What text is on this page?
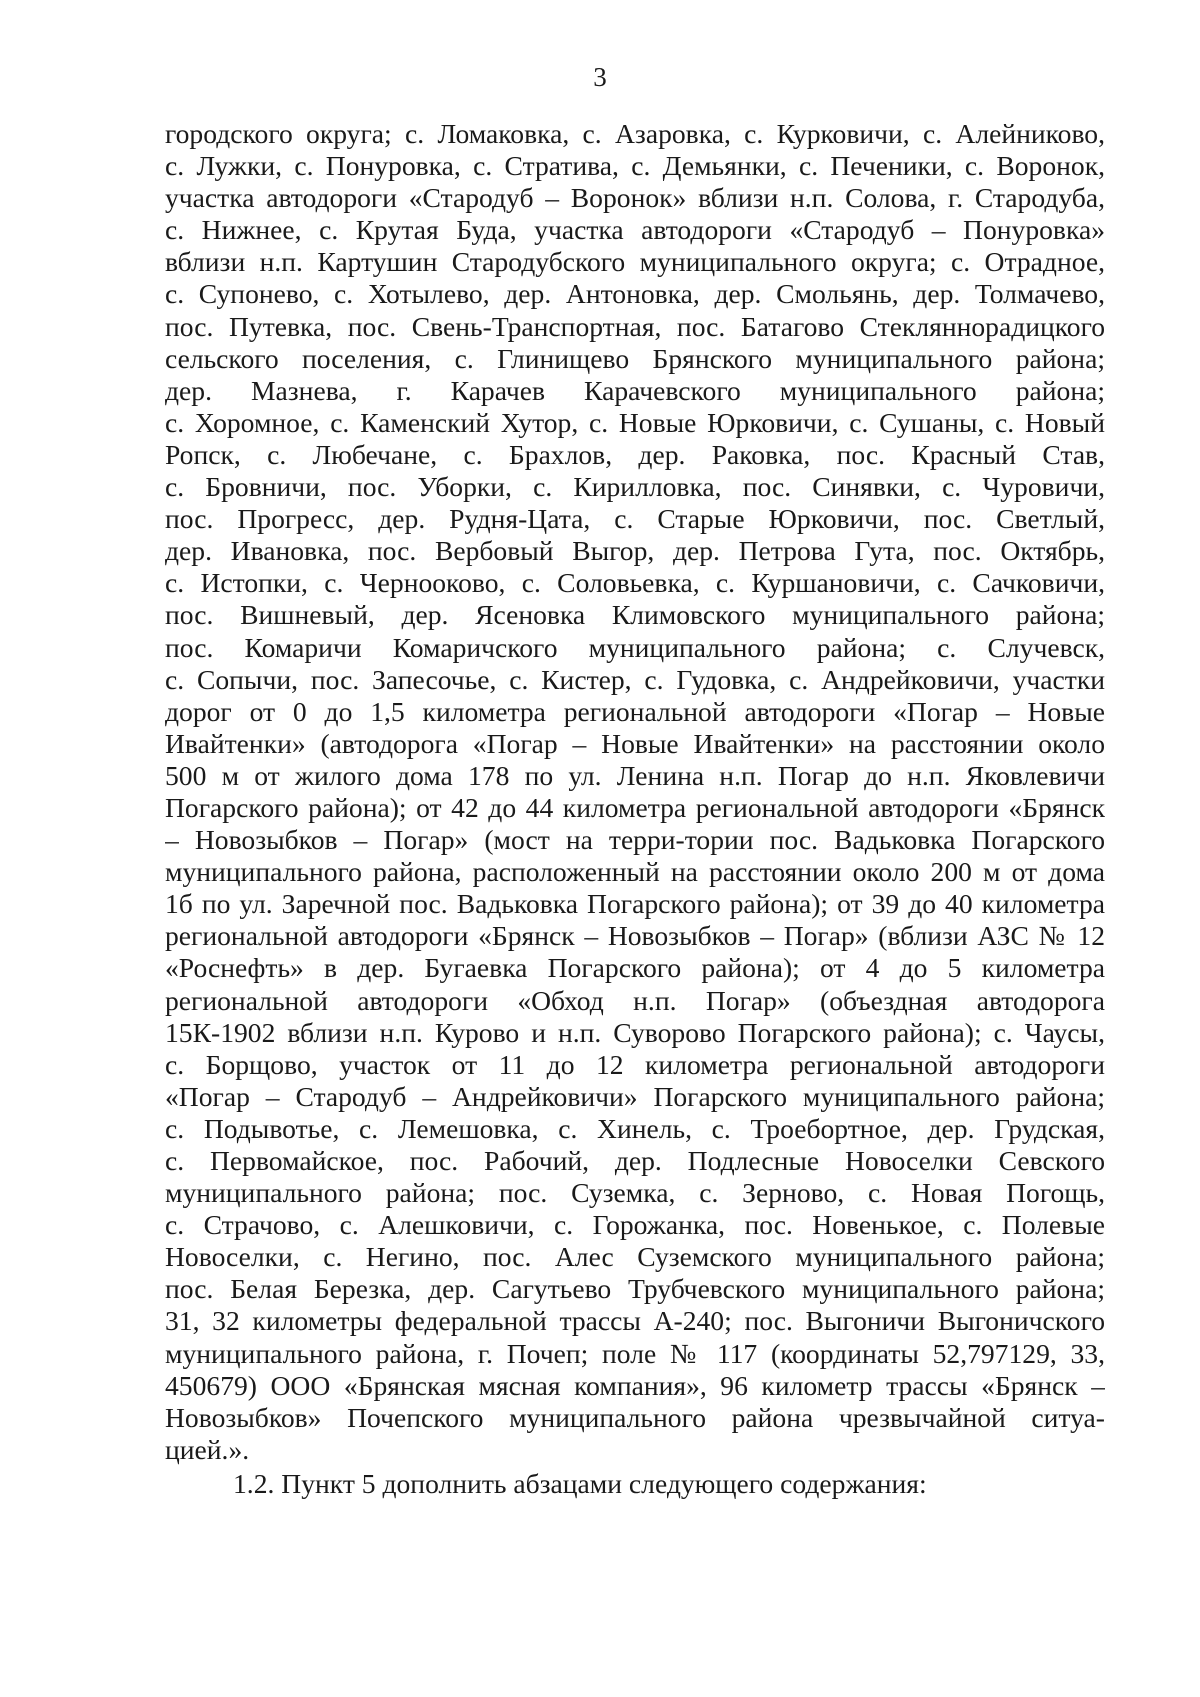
3
городского округа; с. Ломаковка, с. Азаровка, с. Курковичи, с. Алейниково,
с. Лужки, с. Понуровка, с. Стратива, с. Демьянки, с. Печеники, с. Воронок,
участка автодороги «Стародуб – Воронок» вблизи н.п. Солова, г. Стародуба,
с. Нижнее, с. Крутая Буда, участка автодороги «Стародуб – Понуровка»
вблизи н.п. Картушин Стародубского муниципального округа; с. Отрадное,
с. Супонево, с. Хотылево, дер. Антоновка, дер. Смольянь, дер. Толмачево,
пос. Путевка, пос. Свень-Транспортная, пос. Батагово Стекляннорадицкого
сельского поселения, с. Глинищево Брянского муниципального района;
дер. Мазнева, г. Карачев Карачевского муниципального района;
с. Хоромное, с. Каменский Хутор, с. Новые Юрковичи, с. Сушаны, с. Новый
Ропск, с. Любечане, с. Брахлов, дер. Раковка, пос. Красный Став,
с. Бровничи, пос. Уборки, с. Кирилловка, пос. Синявки, с. Чуровичи,
пос. Прогресс, дер. Рудня-Цата, с. Старые Юрковичи, пос. Светлый,
дер. Ивановка, пос. Вербовый Выгор, дер. Петрова Гута, пос. Октябрь,
с. Истопки, с. Чернооково, с. Соловьевка, с. Куршановичи, с. Сачковичи,
пос. Вишневый, дер. Ясеновка Климовского муниципального района;
пос. Комаричи Комаричского муниципального района; с. Случевск,
с. Сопычи, пос. Запесочье, с. Кистер, с. Гудовка, с. Андрейковичи, участки
дорог от 0 до 1,5 километра региональной автодороги «Погар – Новые
Ивайтенки» (автодорога «Погар – Новые Ивайтенки» на расстоянии около
500 м от жилого дома 178 по ул. Ленина н.п. Погар до н.п. Яковлевичи
Погарского района); от 42 до 44 километра региональной автодороги «Брянск
– Новозыбков – Погар» (мост на терри-тории пос. Вадьковка Погарского
муниципального района, расположенный на расстоянии около 200 м от дома
1б по ул. Заречной пос. Вадьковка Погарского района); от 39 до 40 километра
региональной автодороги «Брянск – Новозыбков – Погар» (вблизи АЗС № 12
«Роснефть» в дер. Бугаевка Погарского района); от 4 до 5 километра
региональной автодороги «Обход н.п. Погар» (объездная автодорога
15К-1902 вблизи н.п. Курово и н.п. Суворово Погарского района); с. Чаусы,
с. Борщово, участок от 11 до 12 километра региональной автодороги
«Погар – Стародуб – Андрейковичи» Погарского муниципального района;
с. Подывотье, с. Лемешовка, с. Хинель, с. Троебортное, дер. Грудская,
с. Первомайское, пос. Рабочий, дер. Подлесные Новоселки Севского
муниципального района; пос. Суземка, с. Зерново, с. Новая Погощь,
с. Страчово, с. Алешковичи, с. Горожанка, пос. Новенькое, с. Полевые
Новоселки, с. Негино, пос. Алес Суземского муниципального района;
пос. Белая Березка, дер. Сагутьево Трубчевского муниципального района;
31, 32 километры федеральной трассы А-240; пос. Выгоничи Выгоничского
муниципального района, г. Почеп; поле № 117 (координаты 52,797129, 33,
450679) ООО «Брянская мясная компания», 96 километр трассы «Брянск –
Новозыбков» Почепского муниципального района чрезвычайной ситуа-
цией.».
1.2. Пункт 5 дополнить абзацами следующего содержания:
